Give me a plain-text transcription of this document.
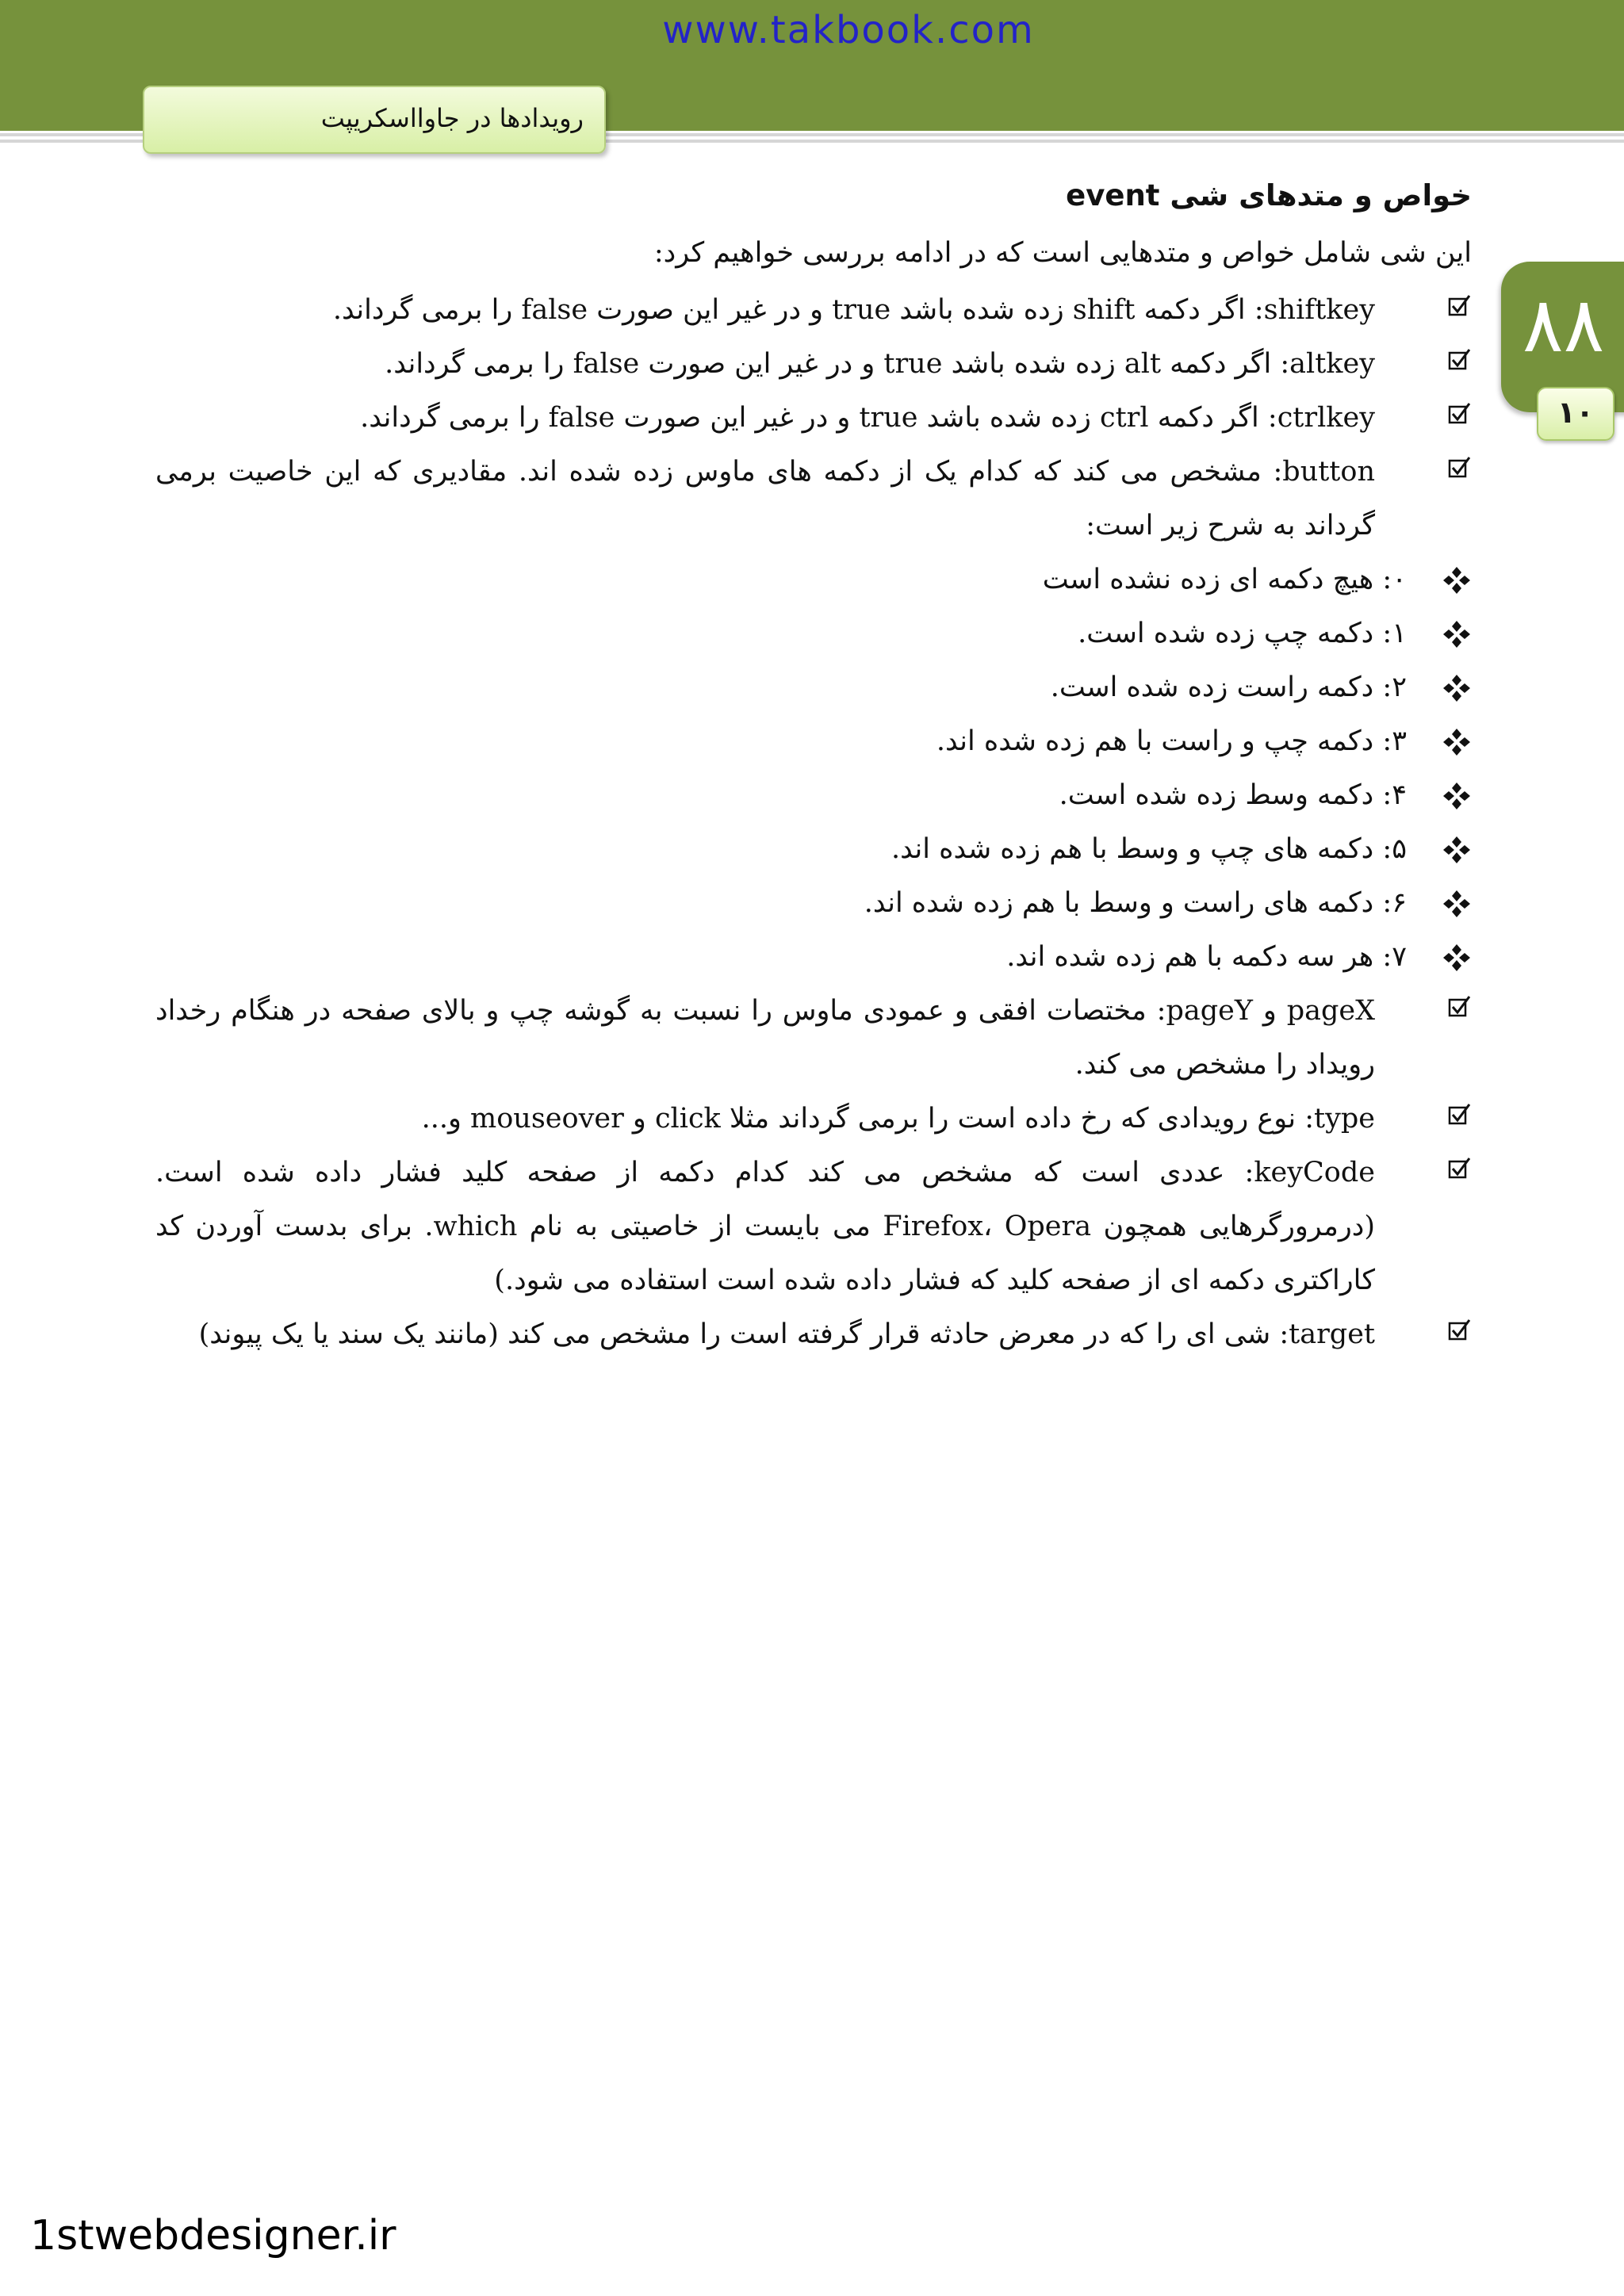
www.takbook.com
رویدادها در جاوااسکریپت
۸۸
۱۰
خواص و متدهای شی event
این شی شامل خواص و متدهایی است که در ادامه بررسی خواهیم کرد:
shiftkey: اگر دکمه shift زده شده باشد true و در غیر این صورت false را برمی گرداند.
altkey: اگر دکمه alt زده شده باشد true و در غیر این صورت false را برمی گرداند.
ctrlkey: اگر دکمه ctrl زده شده باشد true و در غیر این صورت false را برمی گرداند.
button: مشخص می کند که کدام یک از دکمه های ماوس زده شده اند. مقادیری که این خاصیت برمی گرداند به شرح زیر است:
۰: هیچ دکمه ای زده نشده است
۱: دکمه چپ زده شده است.
۲: دکمه راست زده شده است.
۳: دکمه چپ و راست با هم زده شده اند.
۴: دکمه وسط زده شده است.
۵: دکمه های چپ و وسط با هم زده شده اند.
۶: دکمه های راست و وسط با هم زده شده اند.
۷: هر سه دکمه با هم زده شده اند.
pageX و pageY: مختصات افقی و عمودی ماوس را نسبت به گوشه چپ و بالای صفحه در هنگام رخداد رویداد را مشخص می کند.
type: نوع رویدادی که رخ داده است را برمی گرداند مثلا click و mouseover و...
keyCode: عددی است که مشخص می کند کدام دکمه از صفحه کلید فشار داده شده است. (درمرورگرهایی همچون Firefox، Opera می بایست از خاصیتی به نام which. برای بدست آوردن کد کاراکتری دکمه ای از صفحه کلید که فشار داده شده است استفاده می شود.)
target: شی ای را که در معرض حادثه قرار گرفته است را مشخص می کند (مانند یک سند یا یک پیوند)
1stwebdesigner.ir
